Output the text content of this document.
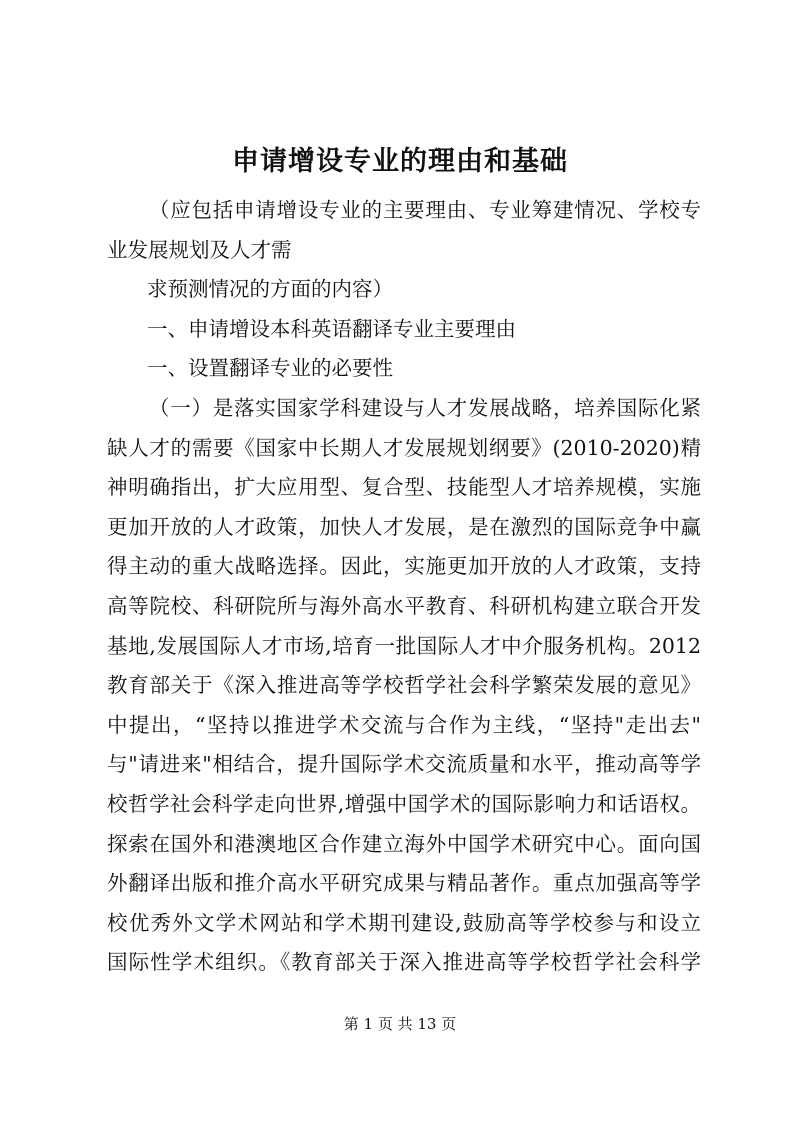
申请增设专业的理由和基础
（应包括申请增设专业的主要理由、专业筹建情况、学校专
业发展规划及人才需
求预测情况的方面的内容）
一、申请增设本科英语翻译专业主要理由
一、设置翻译专业的必要性
（一）是落实国家学科建设与人才发展战略，培养国际化紧
缺人才的需要《国家中长期人才发展规划纲要》(2010-2020)精
神明确指出，扩大应用型、复合型、技能型人才培养规模，实施
更加开放的人才政策，加快人才发展，是在激烈的国际竞争中赢
得主动的重大战略选择。因此，实施更加开放的人才政策，支持
高等院校、科研院所与海外高水平教育、科研机构建立联合开发
基地,发展国际人才市场,培育一批国际人才中介服务机构。2012
教育部关于《深入推进高等学校哲学社会科学繁荣发展的意见》
中提出，“坚持以推进学术交流与合作为主线，“坚持"走出去"
与"请进来"相结合，提升国际学术交流质量和水平，推动高等学
校哲学社会科学走向世界,增强中国学术的国际影响力和话语权。
探索在国外和港澳地区合作建立海外中国学术研究中心。面向国
外翻译出版和推介高水平研究成果与精品著作。重点加强高等学
校优秀外文学术网站和学术期刊建设,鼓励高等学校参与和设立
国际性学术组织。《教育部关于深入推进高等学校哲学社会科学
第 1 页 共 13 页
